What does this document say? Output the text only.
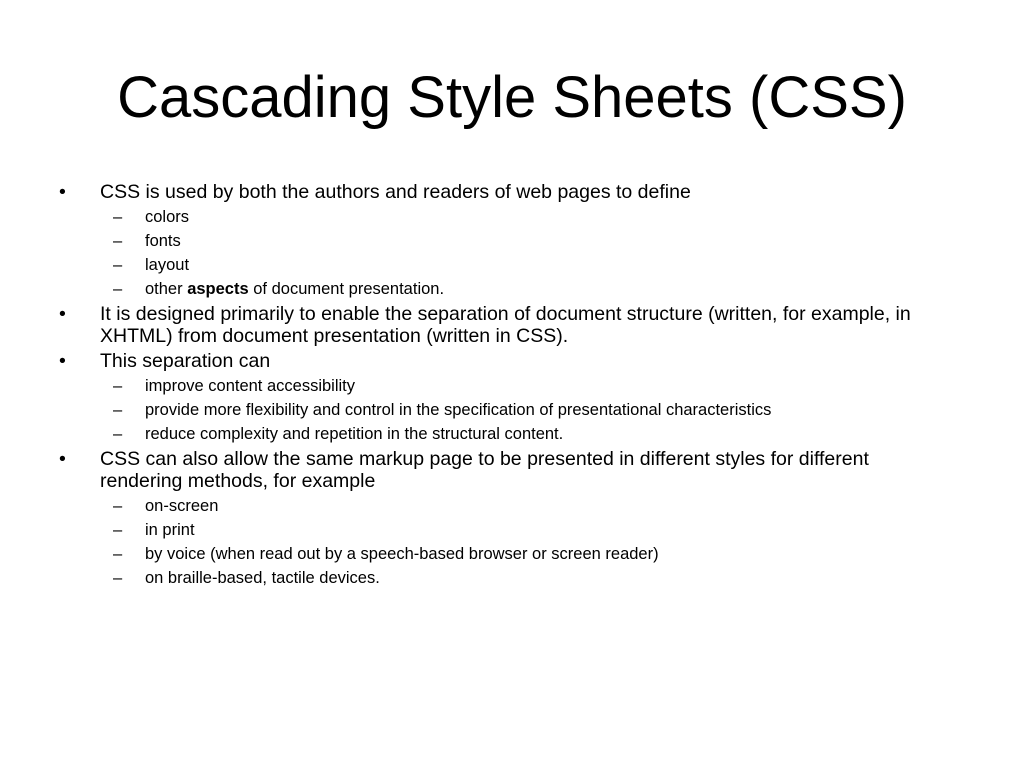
Cascading Style Sheets (CSS)
• CSS is used by both the authors and readers of web pages to define
– colors
– fonts
– layout
– other aspects of document presentation.
• It is designed primarily to enable the separation of document structure (written, for example, in XHTML) from document presentation (written in CSS).
• This separation can
– improve content accessibility
– provide more flexibility and control in the specification of presentational characteristics
– reduce complexity and repetition in the structural content.
• CSS can also allow the same markup page to be presented in different styles for different rendering methods, for example
– on-screen
– in print
– by voice (when read out by a speech-based browser or screen reader)
– on braille-based, tactile devices.
